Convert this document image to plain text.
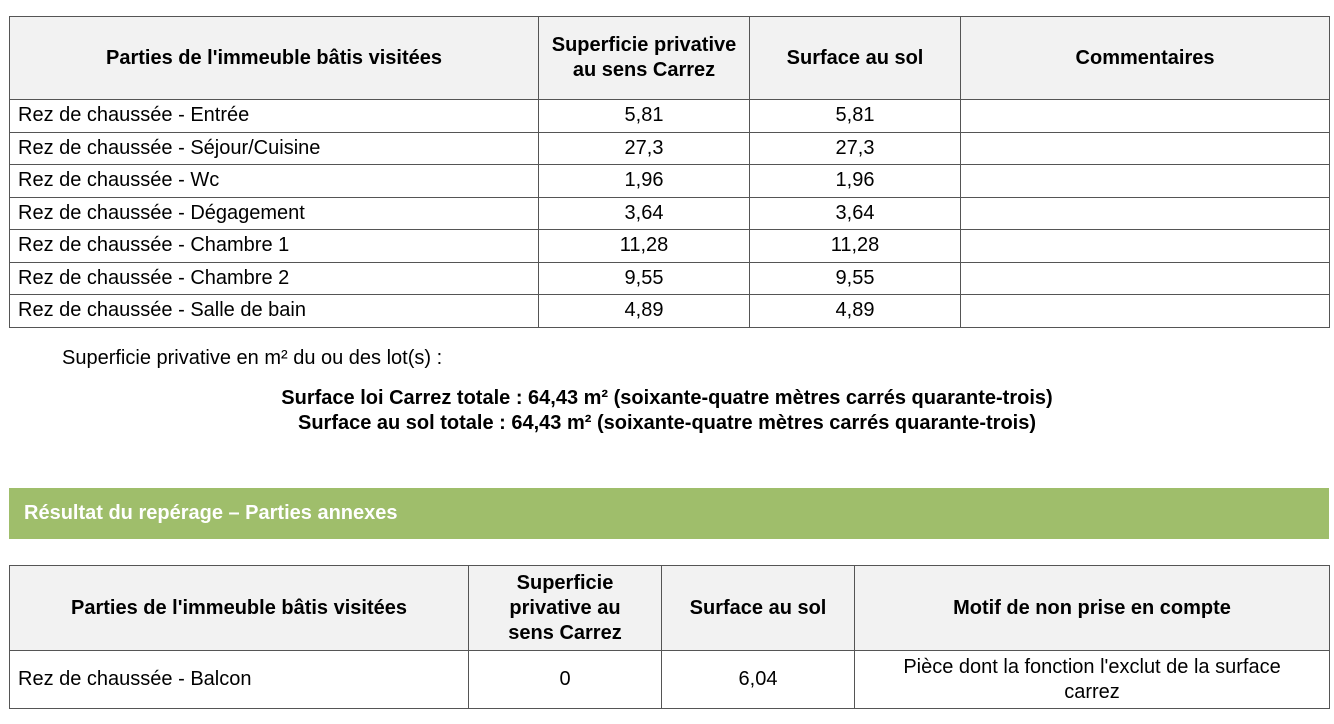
Parties de l'immeuble bâtis visitées	Superficie privative au sens Carrez	Surface au sol	Commentaires
Rez de chaussée - Entrée	5,81	5,81	
Rez de chaussée - Séjour/Cuisine	27,3	27,3	
Rez de chaussée - Wc	1,96	1,96	
Rez de chaussée - Dégagement	3,64	3,64	
Rez de chaussée - Chambre 1	11,28	11,28	
Rez de chaussée - Chambre 2	9,55	9,55	
Rez de chaussée - Salle de bain	4,89	4,89	
Superficie privative en m² du ou des lot(s) :
Surface loi Carrez totale : 64,43 m² (soixante-quatre mètres carrés quarante-trois)
Surface au sol totale : 64,43 m² (soixante-quatre mètres carrés quarante-trois)
Résultat du repérage – Parties annexes
Parties de l'immeuble bâtis visitées	Superficie privative au sens Carrez	Surface au sol	Motif de non prise en compte
Rez de chaussée - Balcon	0	6,04	Pièce dont la fonction l'exclut de la surface carrez
